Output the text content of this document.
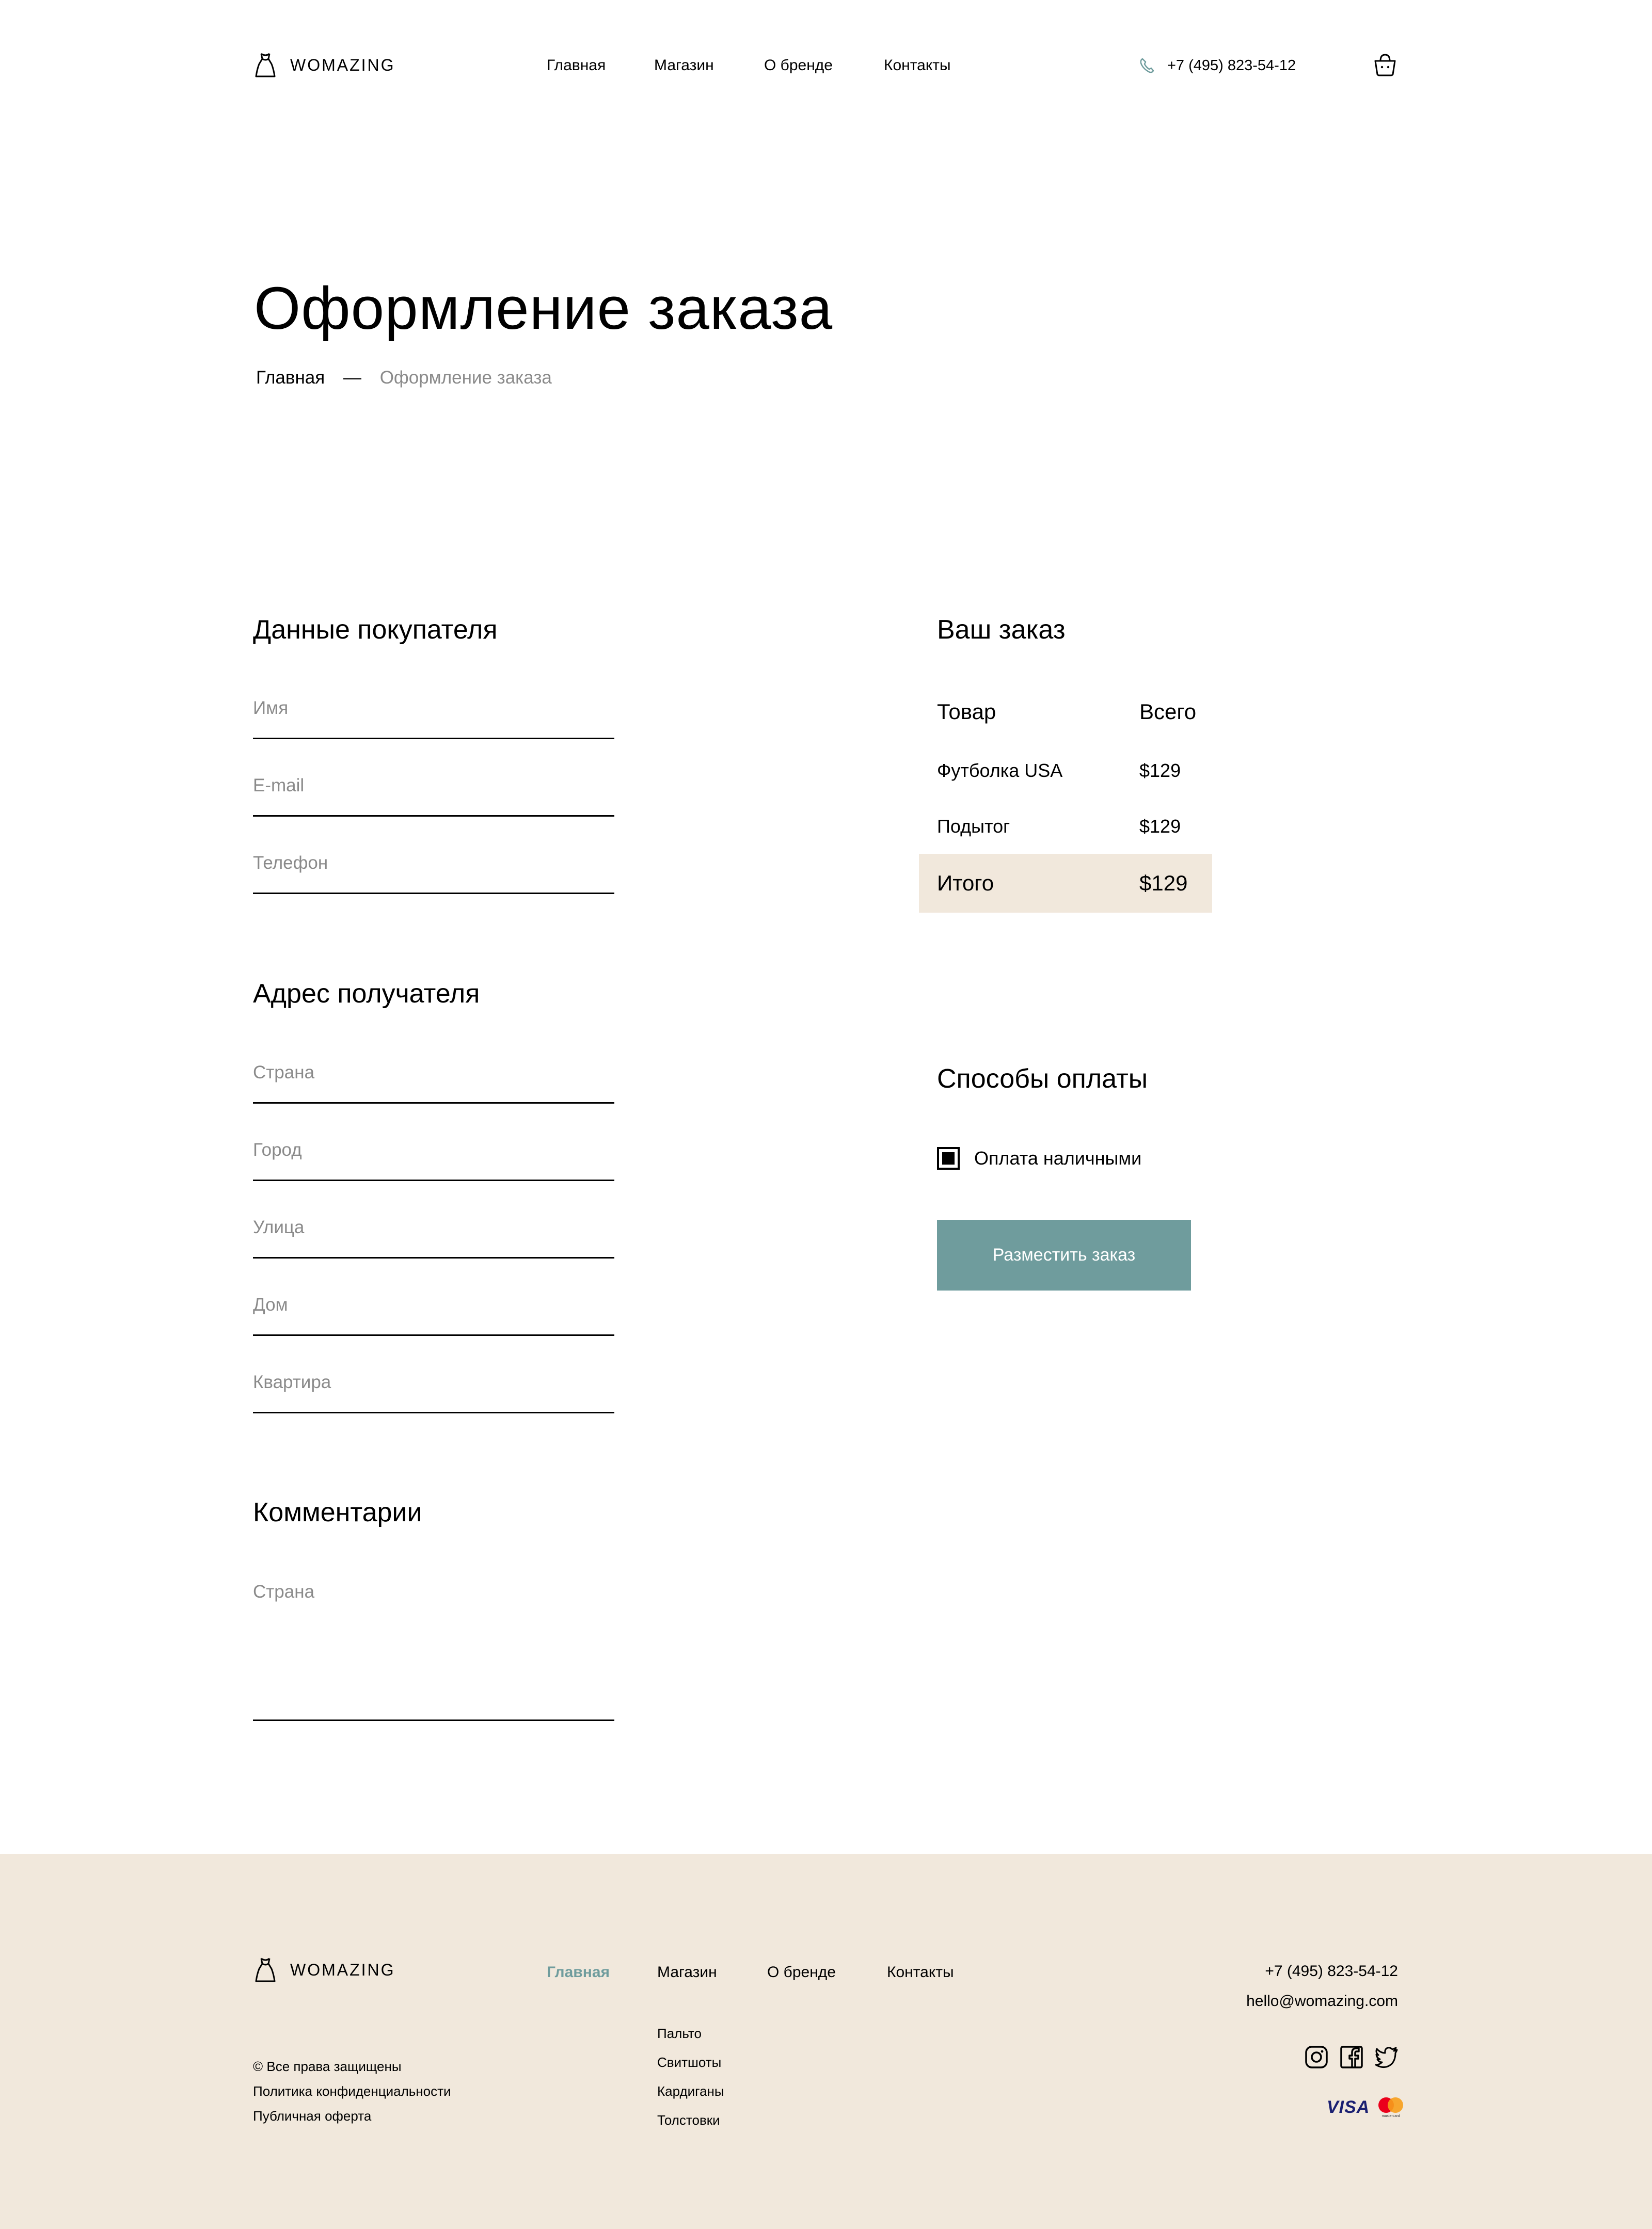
WOMAZING	Главная	Магазин	О бренде	Контакты	+7 (495) 823-54-12
Оформление заказа
Главная — Оформление заказа
Данные покупателя
Имя
E-mail
Телефон
Адрес получателя
Страна
Город
Улица
Дом
Квартира
Комментарии
Страна
Ваш заказ
Товар	Всего
Футболка USA	$129
Подытог	$129
Итого	$129
Способы оплаты
Оплата наличными
Разместить заказ
WOMAZING	Главная	Магазин	О бренде	Контакты
Пальто
Свитшоты
Кардиганы
Толстовки
© Все права защищены
Политика конфиденциальности
Публичная оферта
+7 (495) 823-54-12
hello@womazing.com
VISA	mastercard
